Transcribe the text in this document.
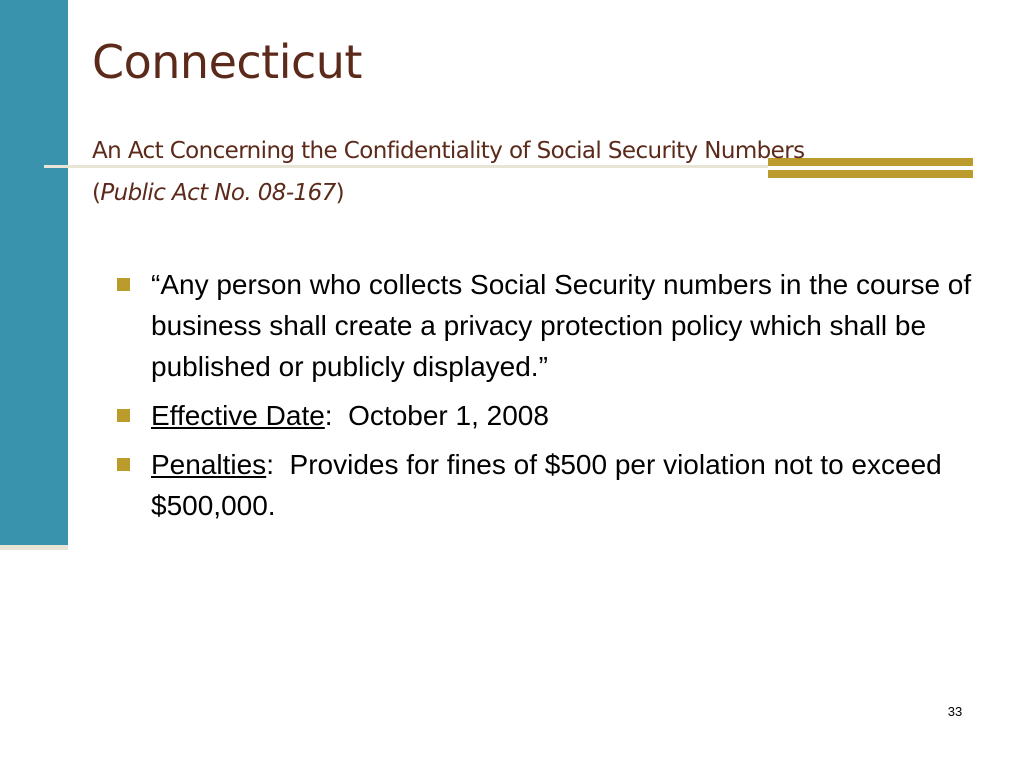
Connecticut
An Act Concerning the Confidentiality of Social Security Numbers
(Public Act No. 08-167)
“Any person who collects Social Security numbers in the course of business shall create a privacy protection policy which shall be published or publicly displayed.”
Effective Date:  October 1, 2008
Penalties:  Provides for fines of $500 per violation not to exceed $500,000.
33
